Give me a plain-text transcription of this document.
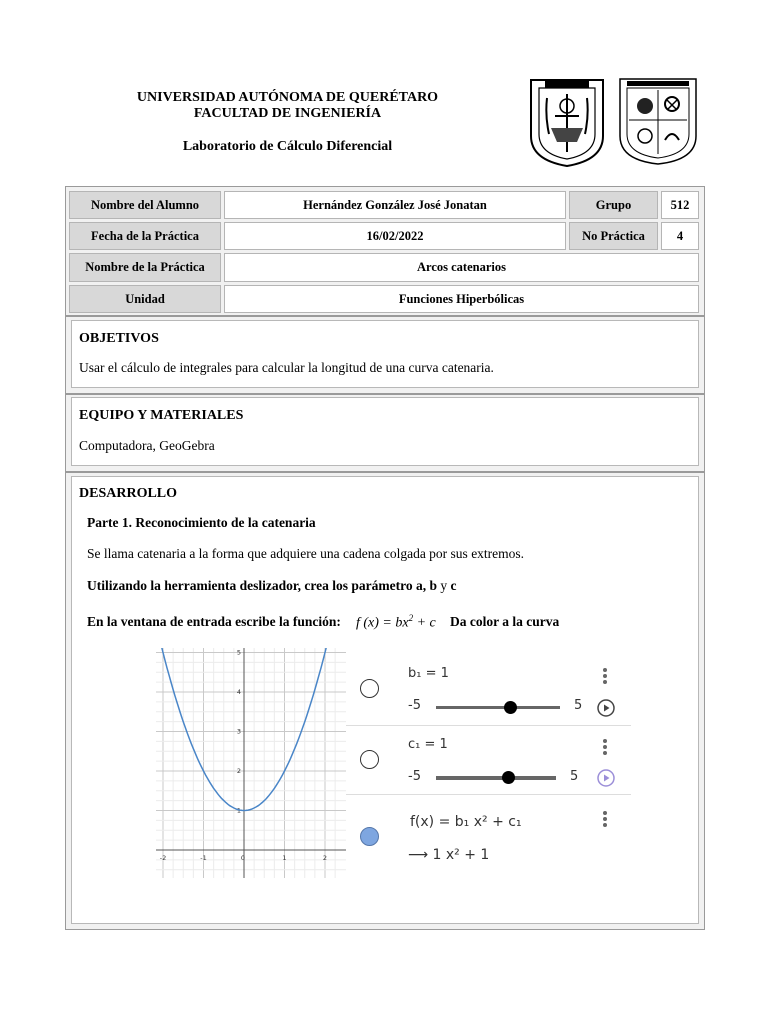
UNIVERSIDAD AUTÓNOMA DE QUERÉTARO
FACULTAD DE INGENIERÍA
Laboratorio de Cálculo Diferencial
Nombre del Alumno	Hernández González José Jonatan	Grupo	512
Fecha de la Práctica	16/02/2022	No Práctica	4
Nombre de la Práctica	Arcos catenarios
Unidad	Funciones Hiperbólicas
OBJETIVOS
Usar el cálculo de integrales para calcular la longitud de una curva catenaria.
EQUIPO Y MATERIALES
Computadora, GeoGebra
DESARROLLO
Parte 1. Reconocimiento de la catenaria
Se llama catenaria a la forma que adquiere una cadena colgada por sus extremos.
Utilizando la herramienta deslizador, crea los parámetro a, b y c
En la ventana de entrada escribe la función: f $(x) = bx^2 + c$ Da color a la curva
-2	-1	0	1	2
1
2
3
4
5
b₁ = 1
-5	5
c₁ = 1
-5	5
f(x) = b₁ x² + c₁
⟶ 1 x² + 1
